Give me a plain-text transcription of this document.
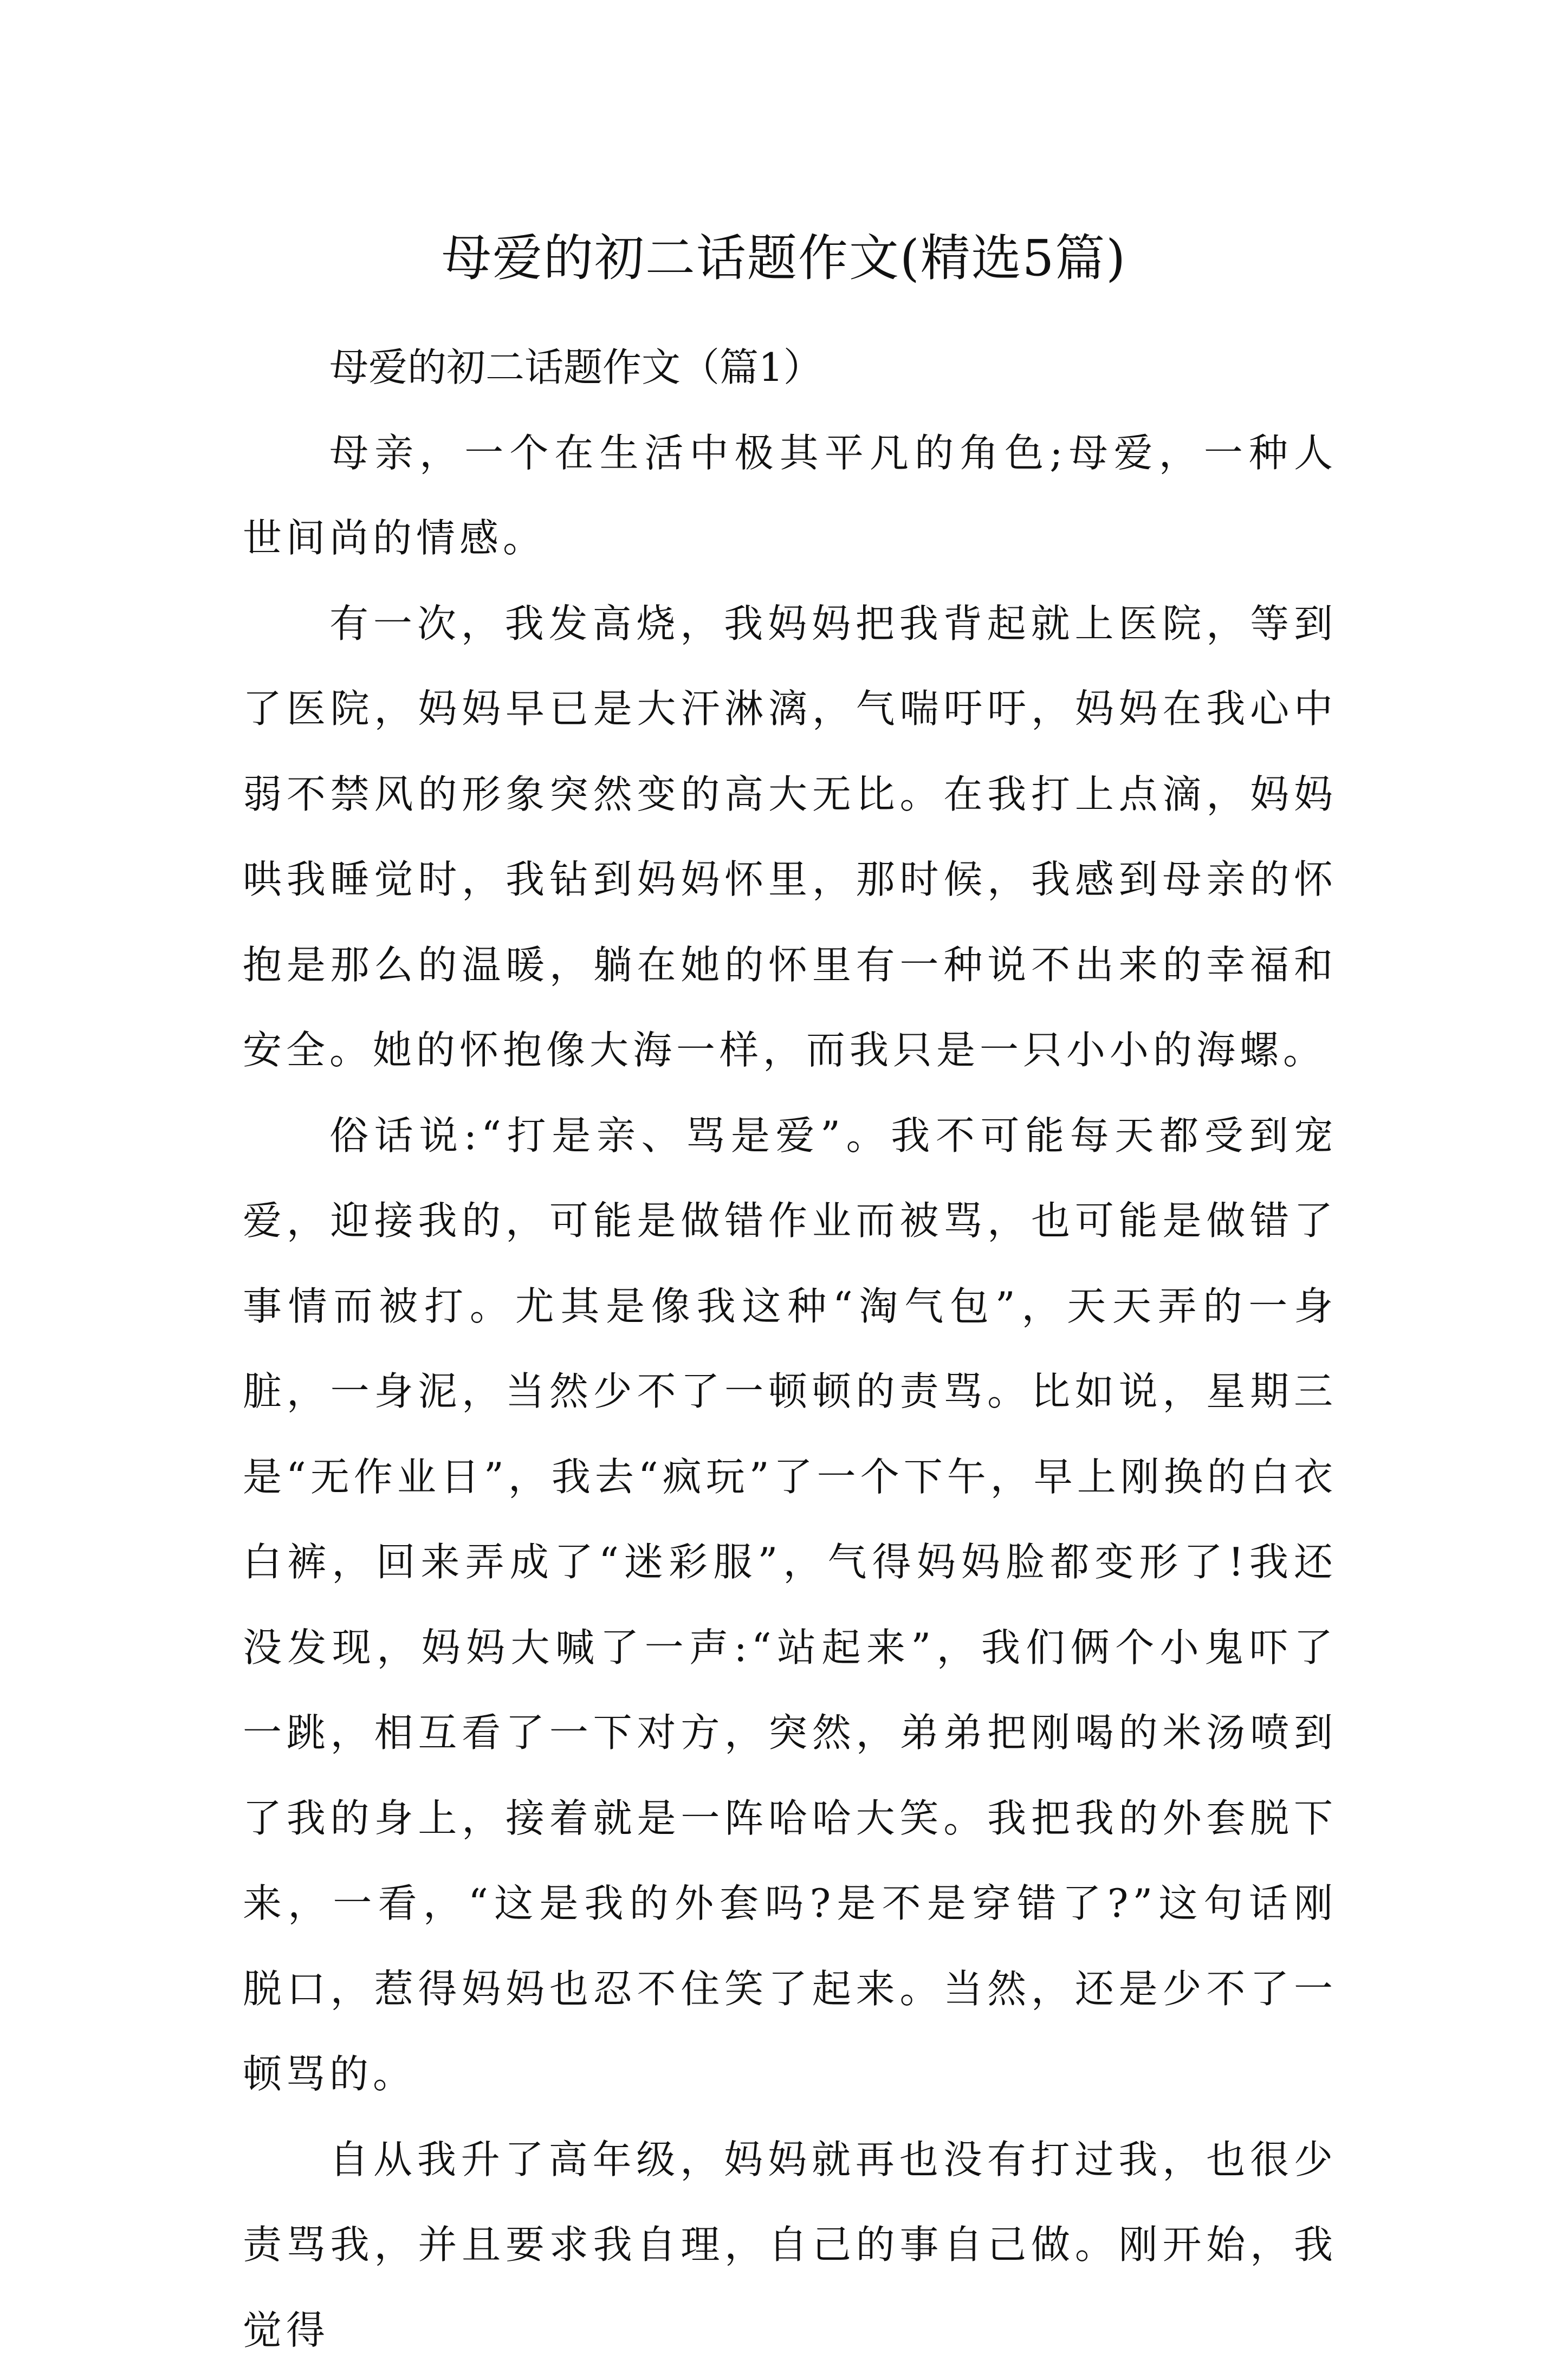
母爱的初二话题作文(精选5篇)

母爱的初二话题作文（篇1）

母亲，一个在生活中极其平凡的角色;母爱，一种人世间尚的情感。

有一次，我发高烧，我妈妈把我背起就上医院，等到了医院，妈妈早已是大汗淋漓，气喘吁吁，妈妈在我心中弱不禁风的形象突然变的高大无比。在我打上点滴，妈妈哄我睡觉时，我钻到妈妈怀里，那时候，我感到母亲的怀抱是那么的温暖，躺在她的怀里有一种说不出来的幸福和安全。她的怀抱像大海一样，而我只是一只小小的海螺。

俗话说:“打是亲、骂是爱”。我不可能每天都受到宠爱，迎接我的，可能是做错作业而被骂，也可能是做错了事情而被打。尤其是像我这种“淘气包”，天天弄的一身脏，一身泥，当然少不了一顿顿的责骂。比如说，星期三是“无作业日”，我去“疯玩”了一个下午，早上刚换的白衣白裤，回来弄成了“迷彩服”，气得妈妈脸都变形了!我还没发现，妈妈大喊了一声:“站起来”，我们俩个小鬼吓了一跳，相互看了一下对方，突然，弟弟把刚喝的米汤喷到了我的身上，接着就是一阵哈哈大笑。我把我的外套脱下来，一看，“这是我的外套吗?是不是穿错了?”这句话刚脱口，惹得妈妈也忍不住笑了起来。当然，还是少不了一顿骂的。

自从我升了高年级，妈妈就再也没有打过我，也很少责骂我，并且要求我自理，自己的事自己做。刚开始，我觉得
